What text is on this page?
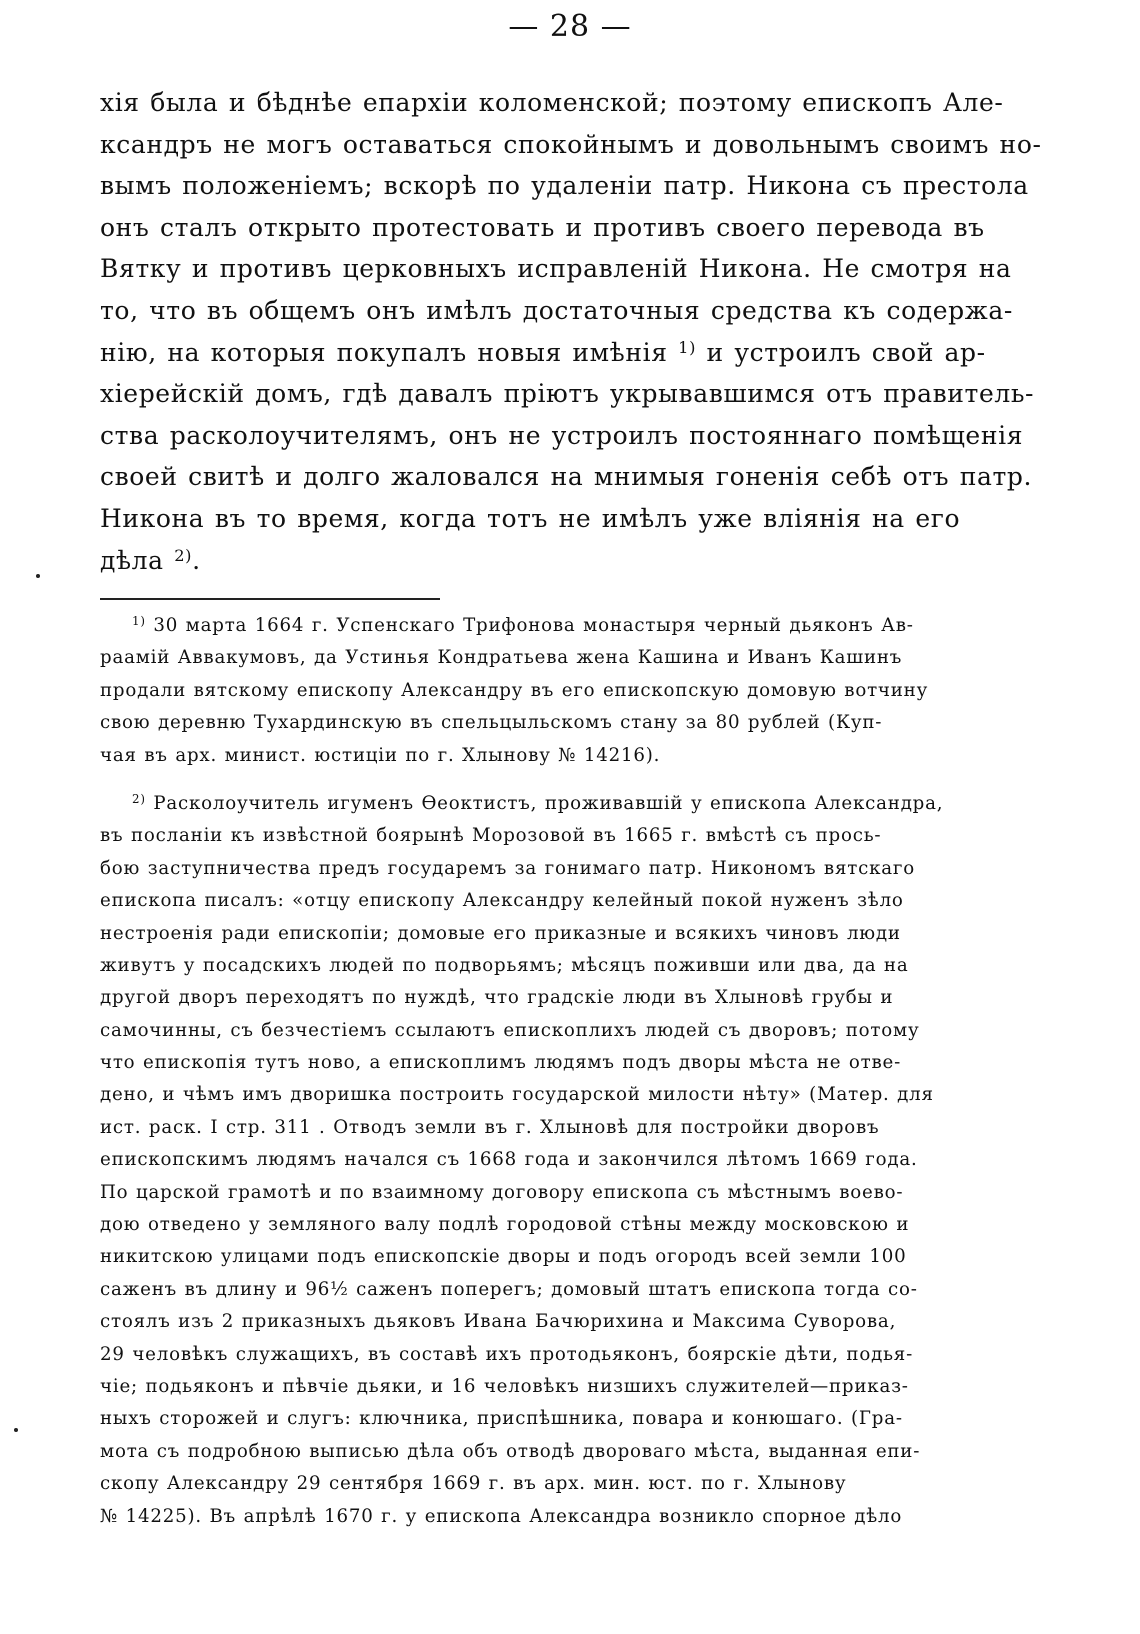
— 28 —
хія была и бѣднѣе епархіи коломенской; поэтому епископъ Але-
ксандръ не могъ оставаться спокойнымъ и довольнымъ своимъ но-
вымъ положеніемъ; вскорѣ по удаленіи патр. Никона съ престола
онъ сталъ открыто протестовать и противъ своего перевода въ
Вятку и противъ церковныхъ исправленій Никона. Не смотря на
то, что въ общемъ онъ имѣлъ достаточныя средства къ содержа-
нію, на которыя покупалъ новыя имѣнія $^{1)}$ и устроилъ свой ар-
хіерейскій домъ, гдѣ давалъ пріютъ укрывавшимся отъ правитель-
ства расколоучителямъ, онъ не устроилъ постояннаго помѣщенія
своей свитѣ и долго жаловался на мнимыя гоненія себѣ отъ патр.
Никона въ то время, когда тотъ не имѣлъ уже вліянія на его
дѣла $^{2)}$.
$^{1)}$ 30 марта 1664 г. Успенскаго Трифонова монастыря черный дьяконъ Ав-
раамій Аввакумовъ, да Устинья Кондратьева жена Кашина и Иванъ Кашинъ
продали вятскому епископу Александру въ его епископскую домовую вотчину
свою деревню Тухардинскую въ спельцыльскомъ стану за 80 рублей (Куп-
чая въ арх. минист. юстиціи по г. Хлынову № 14216).
$^{2)}$ Расколоучитель игуменъ Ѳеоктистъ, проживавшій у епископа Александра,
въ посланіи къ извѣстной боярынѣ Морозовой въ 1665 г. вмѣстѣ съ прось-
бою заступничества предъ государемъ за гонимаго патр. Никономъ вятскаго
епископа писалъ: «отцу епископу Александру келейный покой нуженъ зѣло
нестроенія ради епископіи; домовые его приказные и всякихъ чиновъ люди
живутъ у посадскихъ людей по подворьямъ; мѣсяцъ поживши или два, да на
другой дворъ переходятъ по нуждѣ, что градскіе люди въ Хлыновѣ грубы и
самочинны, съ безчестіемъ ссылаютъ епископлихъ людей съ дворовъ; потому
что епископія тутъ ново, а епископлимъ людямъ подъ дворы мѣста не отве-
дено, и чѣмъ имъ дворишка построить государской милости нѣту» (Матер. для
ист. раск. I стр. 311 . Отводъ земли въ г. Хлыновѣ для постройки дворовъ
епископскимъ людямъ начался съ 1668 года и закончился лѣтомъ 1669 года.
По царской грамотѣ и по взаимному договору епископа съ мѣстнымъ воево-
дою отведено у земляного валу подлѣ городовой стѣны между московскою и
никитскою улицами подъ епископскіе дворы и подъ огородъ всей земли 100
саженъ въ длину и 96½ саженъ поперегъ; домовый штатъ епископа тогда со-
стоялъ изъ 2 приказныхъ дьяковъ Ивана Бачюрихина и Максима Суворова,
29 человѣкъ служащихъ, въ составѣ ихъ протодьяконъ, боярскіе дѣти, подья-
чіе; подьяконъ и пѣвчіе дьяки, и 16 человѣкъ низшихъ служителей—приказ-
ныхъ сторожей и слугъ: ключника, приспѣшника, повара и конюшаго. (Гра-
мота съ подробною выписью дѣла объ отводѣ двороваго мѣста, выданная епи-
скопу Александру 29 сентября 1669 г. въ арх. мин. юст. по г. Хлынову
№ 14225). Въ апрѣлѣ 1670 г. у епископа Александра возникло спорное дѣло
